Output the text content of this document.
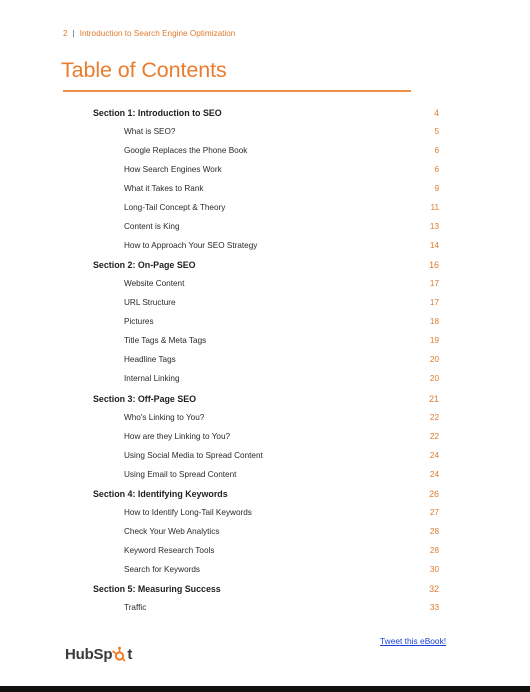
2 | Introduction to Search Engine Optimization
Table of Contents
Section 1: Introduction to SEO	4
What is SEO?	5
Google Replaces the Phone Book	6
How Search Engines Work	6
What it Takes to Rank	9
Long-Tail Concept & Theory	11
Content is King	13
How to Approach Your SEO Strategy	14
Section 2: On-Page SEO	16
Website Content	17
URL Structure	17
Pictures	18
Title Tags & Meta Tags	19
Headline Tags	20
Internal Linking	20
Section 3: Off-Page SEO	21
Who's Linking to You?	22
How are they Linking to You?	22
Using Social Media to Spread Content	24
Using Email to Spread Content	24
Section 4: Identifying Keywords	26
How to Identify Long-Tail Keywords	27
Check Your Web Analytics	28
Keyword Research Tools	28
Search for Keywords	30
Section 5: Measuring Success	32
Traffic	33
Tweet this eBook!
HubSp t
